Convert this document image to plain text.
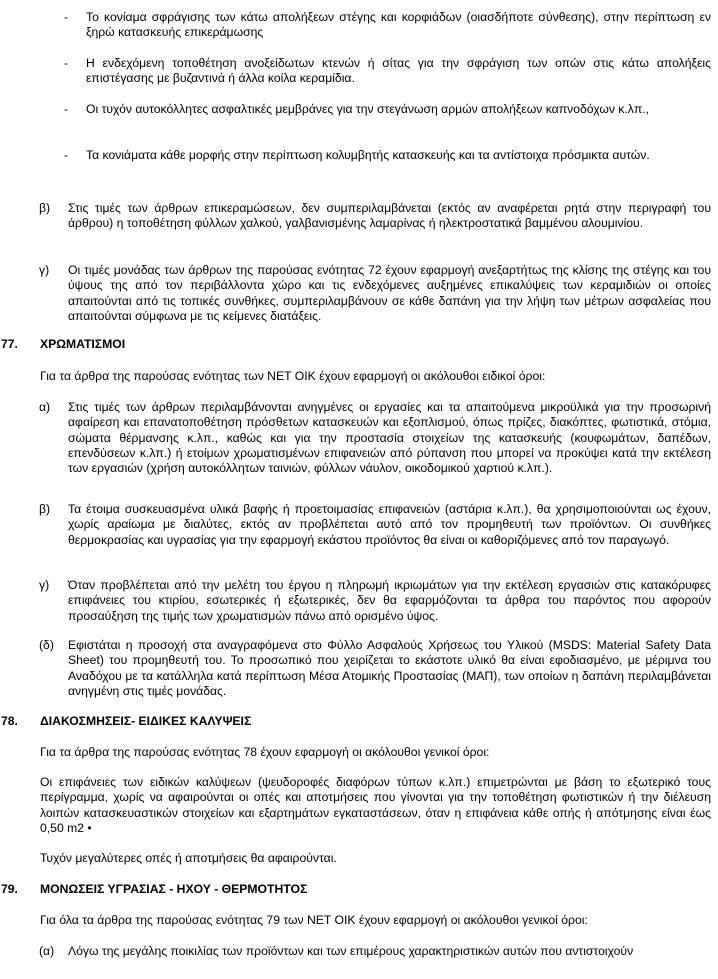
- Το κονίαμα σφράγισης των κάτω απολήξεων στέγης και κορφιάδων (οιασδήποτε σύνθεσης), στην περίπτωση εν ξηρώ κατασκευής επικεράμωσης
- Η ενδεχόμενη τοποθέτηση ανοξείδωτων κτενών ή σίτας για την σφράγιση των οπών στις κάτω απολήξεις επιστέγασης με βυζαντινά ή άλλα κοίλα κεραμίδια.
- Οι τυχόν αυτοκόλλητες ασφαλτικές μεμβράνες για την στεγάνωση αρμών απολήξεων καπνοδόχων κ.λπ.,
- Τα κονιάματα κάθε μορφής στην περίπτωση κολυμβητής κατασκευής και τα αντίστοιχα πρόσμικτα αυτών.
β) Στις τιμές των άρθρων επικεραμώσεων, δεν συμπεριλαμβάνεται (εκτός αν αναφέρεται ρητά στην περιγραφή του άρθρου) η τοποθέτηση φύλλων χαλκού, γαλβανισμένης λαμαρίνας ή ηλεκτροστατικά βαμμένου αλουμινίου.
γ) Οι τιμές μονάδας των άρθρων της παρούσας ενότητας 72 έχουν εφαρμογή ανεξαρτήτως της κλίσης της στέγης και του ύψους της από τον περιβάλλοντα χώρο και τις ενδεχόμενες αυξημένες επικαλύψεις των κεραμιδιών οι οποίες απαιτούνται από τις τοπικές συνθήκες, συμπεριλαμβάνουν σε κάθε δαπάνη για την λήψη των μέτρων ασφαλείας που απαιτούνται σύμφωνα με τις κείμενες διατάξεις.
77. ΧΡΩΜΑΤΙΣΜΟΙ
Για τα άρθρα της παρούσας ενότητας των ΝΕΤ ΟΙΚ έχουν εφαρμογή οι ακόλουθοι ειδικοί όροι:
α) Στις τιμές των άρθρων περιλαμβάνονται ανηγμένες οι εργασίες και τα απαιτούμενα μικροϋλικά για την προσωρινή αφαίρεση και επανατοποθέτηση πρόσθετων κατασκευών και εξοπλισμού, όπως πρίζες, διακόπτες, φωτιστικά, στόμια, σώματα θέρμανσης κ.λπ., καθώς και για την προστασία στοιχείων της κατασκευής (κουφωμάτων, δαπέδων, επενδύσεων κ.λπ.) ή ετοίμων χρωματισμένων επιφανειών από ρύπανση που μπορεί να προκύψει κατά την εκτέλεση των εργασιών (χρήση αυτοκόλλητων ταινιών, φύλλων νάυλον, οικοδομικού χαρτιού κ.λπ.).
β) Τα έτοιμα συσκευασμένα υλικά βαφής ή προετοιμασίας επιφανειών (αστάρια κ.λπ.), θα χρησιμοποιούνται ως έχουν, χωρίς αραίωμα με διαλύτες, εκτός αν προβλέπεται αυτό από τον προμηθευτή των προϊόντων. Οι συνθήκες θερμοκρασίας και υγρασίας για την εφαρμογή εκάστου προϊόντος θα είναι οι καθοριζόμενες από τον παραγωγό.
γ) Όταν προβλέπεται από την μελέτη του έργου η πληρωμή ικριωμάτων για την εκτέλεση εργασιών στις κατακόρυφες επιφάνειες του κτιρίου, εσωτερικές ή εξωτερικές, δεν θα εφαρμόζονται τα άρθρα του παρόντος που αφορούν προσαύξηση της τιμής των χρωματισμών πάνω από ορισμένο ύψος.
(δ) Εφιστάται η προσοχή στα αναγραφόμενα στο Φύλλο Ασφαλούς Χρήσεως του Υλικού (MSDS: Material Safety Data Sheet) του προμηθευτή του. Το προσωπικό που χειρίζεται το εκάστοτε υλικό θα είναι εφοδιασμένο, με μέριμνα του Αναδόχου με τα κατάλληλα κατά περίπτωση Μέσα Ατομικής Προστασίας (ΜΑΠ), των οποίων η δαπάνη περιλαμβάνεται ανηγμένη στις τιμές μονάδας.
78. ΔΙΑΚΟΣΜΗΣΕΙΣ- ΕΙΔΙΚΕΣ ΚΑΛΥΨΕΙΣ
Για τα άρθρα της παρούσας ενότητας 78 έχουν εφαρμογή οι ακόλουθοι γενικοί όροι:
Οι επιφάνειες των ειδικών καλύψεων (ψευδοροφές διαφόρων τύπων κ.λπ.) επιμετρώνται με βάση το εξωτερικό τους περίγραμμα, χωρίς να αφαιρούνται οι οπές και αποτμήσεις που γίνονται για την τοποθέτηση φωτιστικών ή την διέλευση λοιπών κατασκευαστικών στοιχείων και εξαρτημάτων εγκαταστάσεων, όταν η επιφάνεια κάθε οπής ή απότμησης είναι έως 0,50 m2 •
Τυχόν μεγαλύτερες οπές ή αποτμήσεις θα αφαιρούνται.
79. ΜΟΝΩΣΕΙΣ ΥΓΡΑΣΙΑΣ - ΗΧΟΥ - ΘΕΡΜΟΤΗΤΟΣ
Για όλα τα άρθρα της παρούσας ενότητας 79 των ΝΕΤ ΟΙΚ έχουν εφαρμογή οι ακόλουθοι γενικοί όροι:
(α) Λόγω της μεγάλης ποικιλίας των προϊόντων και των επιμέρους χαρακτηριστικών αυτών που αντιστοιχούν
